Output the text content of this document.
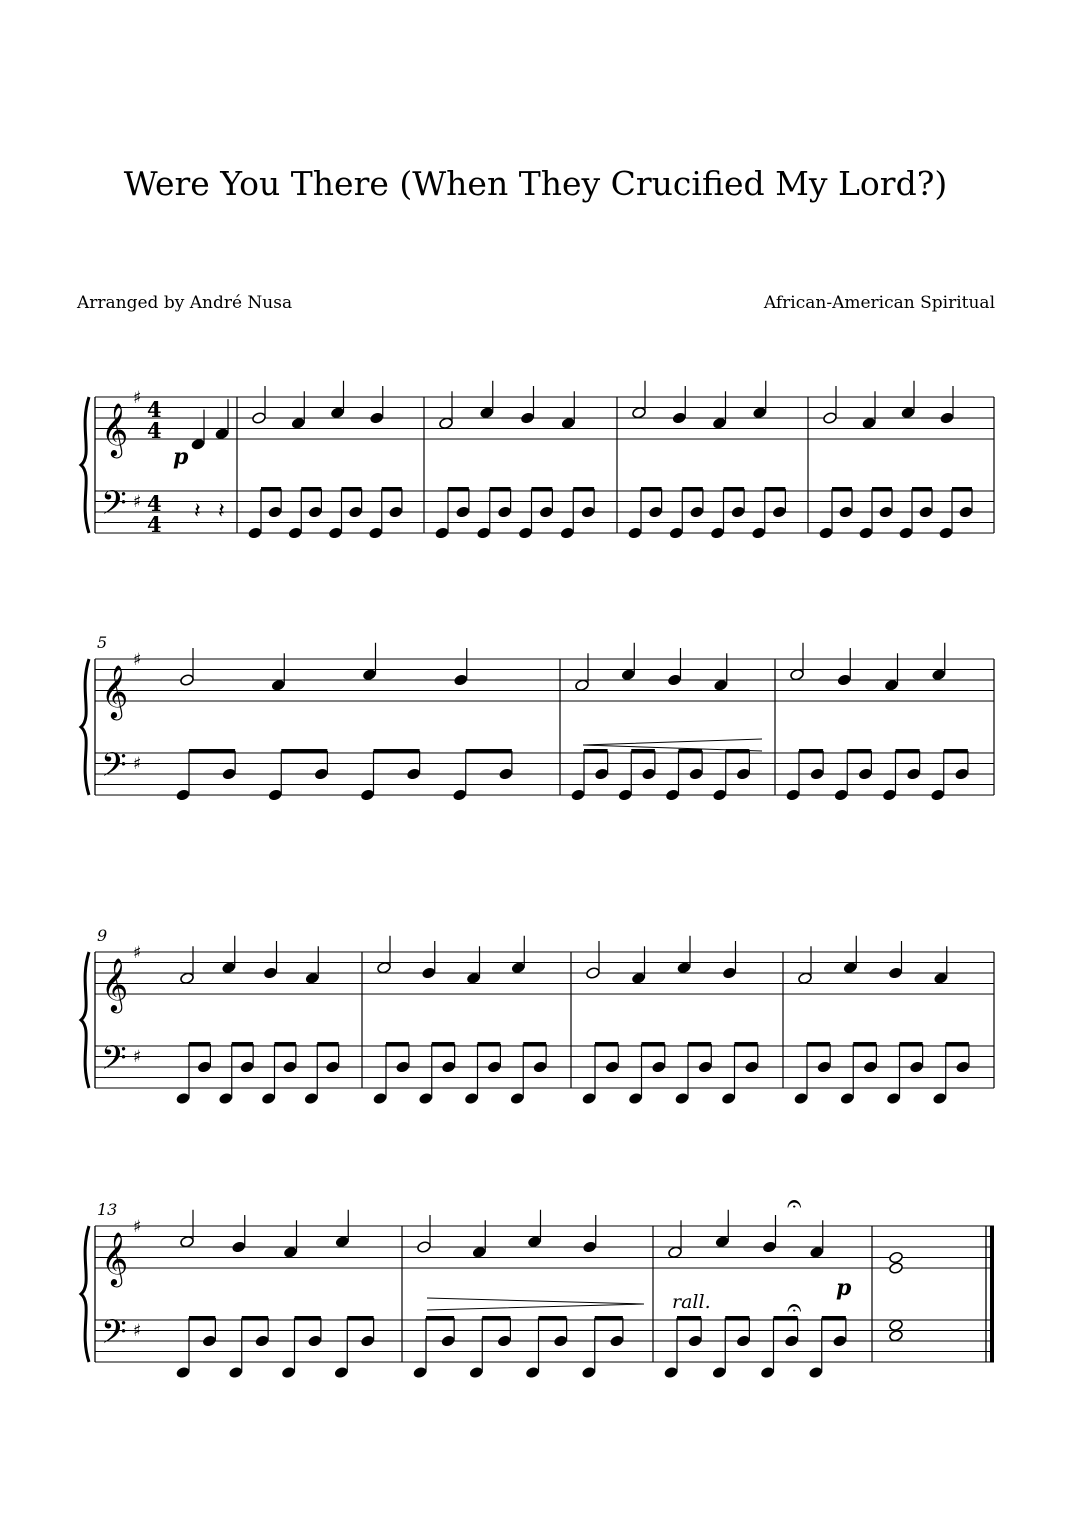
Were You There (When They Crucified My Lord?)
Arranged by André Nusa	African-American Spiritual
𝄞
𝄢
♯
♯
4
4
4
4
𝄽 𝄽
p
𝄞
𝄢
♯
♯
5
𝄞
𝄢
♯
♯
9
𝄞
𝄢
♯
♯
13
rall.
p
𝄐
𝄐
